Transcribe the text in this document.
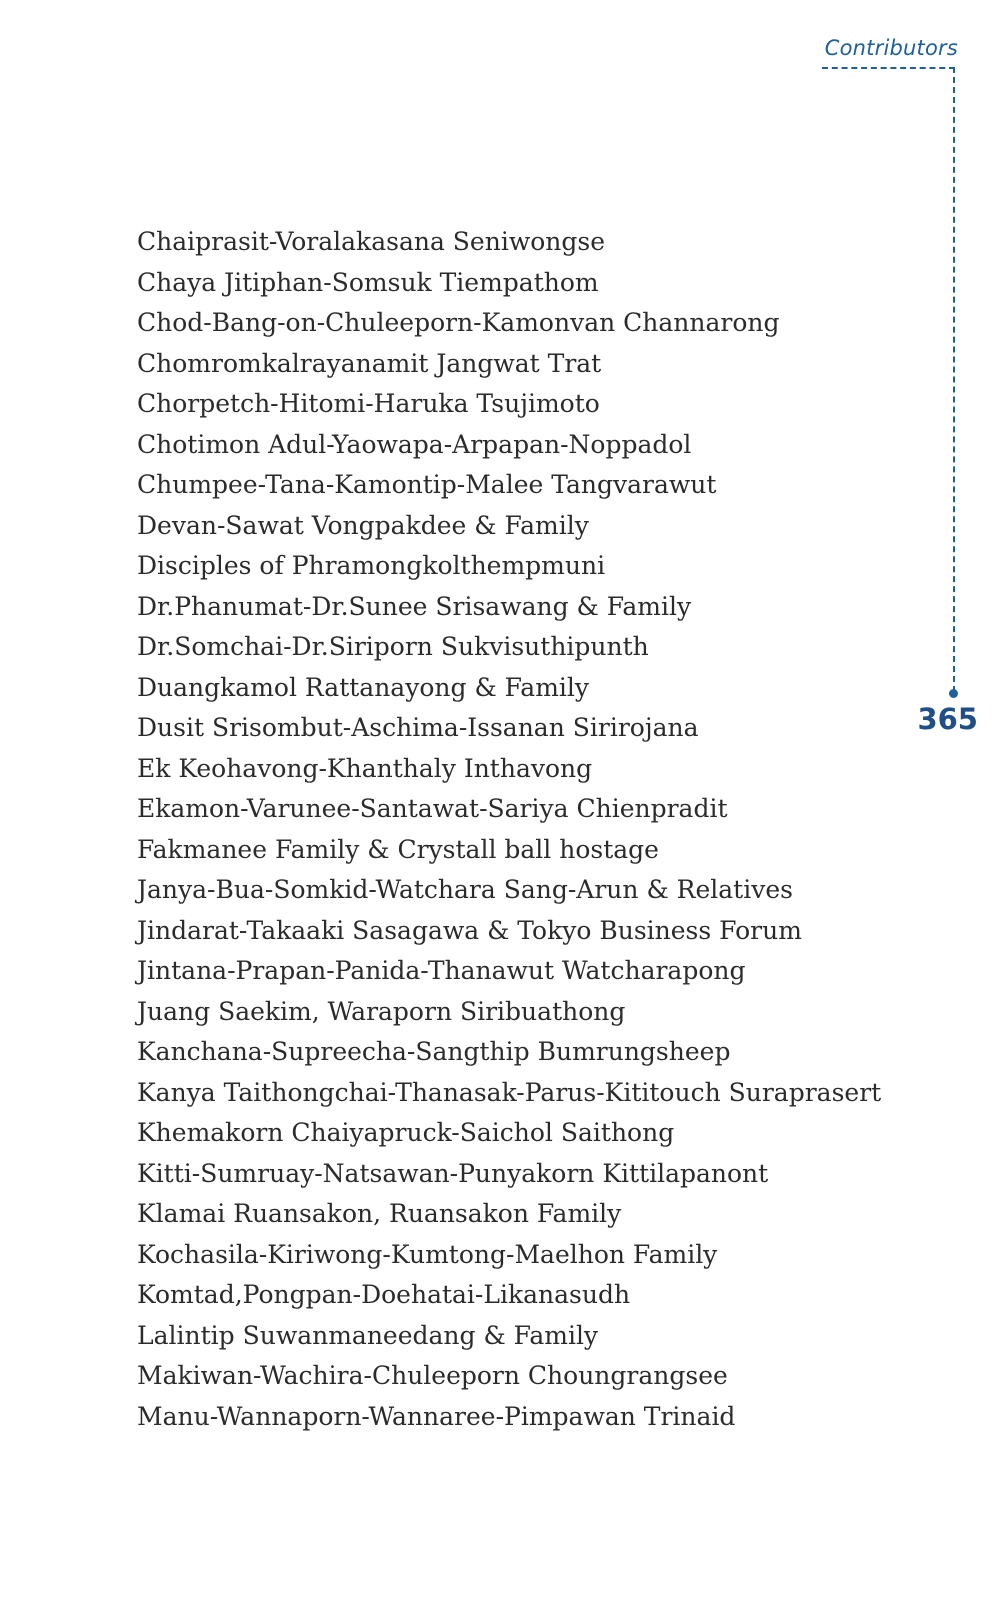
Contributors
365
Chaiprasit-Voralakasana Seniwongse
Chaya Jitiphan-Somsuk Tiempathom
Chod-Bang-on-Chuleeporn-Kamonvan Channarong
Chomromkalrayanamit Jangwat Trat
Chorpetch-Hitomi-Haruka Tsujimoto
Chotimon Adul-Yaowapa-Arpapan-Noppadol
Chumpee-Tana-Kamontip-Malee Tangvarawut
Devan-Sawat Vongpakdee & Family
Disciples of Phramongkolthempmuni
Dr.Phanumat-Dr.Sunee Srisawang & Family
Dr.Somchai-Dr.Siriporn Sukvisuthipunth
Duangkamol Rattanayong & Family
Dusit Srisombut-Aschima-Issanan Sirirojana
Ek Keohavong-Khanthaly Inthavong
Ekamon-Varunee-Santawat-Sariya Chienpradit
Fakmanee Family & Crystall ball hostage
Janya-Bua-Somkid-Watchara Sang-Arun & Relatives
Jindarat-Takaaki Sasagawa & Tokyo Business Forum
Jintana-Prapan-Panida-Thanawut Watcharapong
Juang Saekim, Waraporn Siribuathong
Kanchana-Supreecha-Sangthip Bumrungsheep
Kanya Taithongchai-Thanasak-Parus-Kititouch Suraprasert
Khemakorn Chaiyapruck-Saichol Saithong
Kitti-Sumruay-Natsawan-Punyakorn Kittilapanont
Klamai Ruansakon, Ruansakon Family
Kochasila-Kiriwong-Kumtong-Maelhon Family
Komtad,Pongpan-Doehatai-Likanasudh
Lalintip Suwanmaneedang & Family
Makiwan-Wachira-Chuleeporn Choungrangsee
Manu-Wannaporn-Wannaree-Pimpawan Trinaid
